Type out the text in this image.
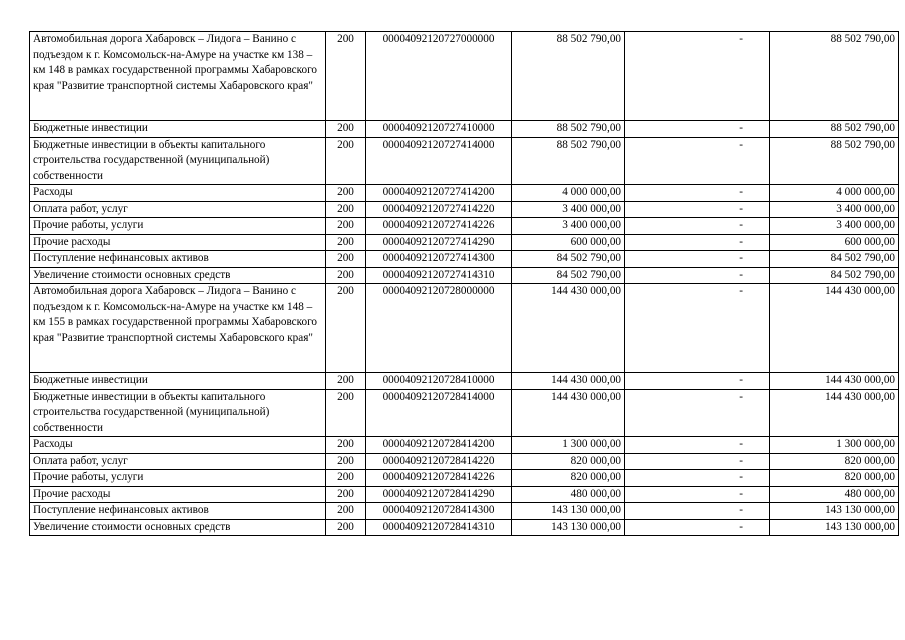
Автомобильная дорога Хабаровск – Лидога – Ванино с подъездом к г. Комсомольск-на-Амуре на участке км 138 – км 148 в рамках государственной программы Хабаровского края "Развитие транспортной системы Хабаровского края"	200	00004092120727000000	88 502 790,00	-	88 502 790,00
Бюджетные инвестиции	200	00004092120727410000	88 502 790,00	-	88 502 790,00
Бюджетные инвестиции в объекты капитального строительства государственной (муниципальной) собственности	200	00004092120727414000	88 502 790,00	-	88 502 790,00
Расходы	200	00004092120727414200	4 000 000,00	-	4 000 000,00
Оплата работ, услуг	200	00004092120727414220	3 400 000,00	-	3 400 000,00
Прочие работы, услуги	200	00004092120727414226	3 400 000,00	-	3 400 000,00
Прочие расходы	200	00004092120727414290	600 000,00	-	600 000,00
Поступление нефинансовых активов	200	00004092120727414300	84 502 790,00	-	84 502 790,00
Увеличение стоимости основных средств	200	00004092120727414310	84 502 790,00	-	84 502 790,00
Автомобильная дорога Хабаровск – Лидога – Ванино с подъездом к г. Комсомольск-на-Амуре на участке км 148 – км 155 в рамках государственной программы Хабаровского края "Развитие транспортной системы Хабаровского края"	200	00004092120728000000	144 430 000,00	-	144 430 000,00
Бюджетные инвестиции	200	00004092120728410000	144 430 000,00	-	144 430 000,00
Бюджетные инвестиции в объекты капитального строительства государственной (муниципальной) собственности	200	00004092120728414000	144 430 000,00	-	144 430 000,00
Расходы	200	00004092120728414200	1 300 000,00	-	1 300 000,00
Оплата работ, услуг	200	00004092120728414220	820 000,00	-	820 000,00
Прочие работы, услуги	200	00004092120728414226	820 000,00	-	820 000,00
Прочие расходы	200	00004092120728414290	480 000,00	-	480 000,00
Поступление нефинансовых активов	200	00004092120728414300	143 130 000,00	-	143 130 000,00
Увеличение стоимости основных средств	200	00004092120728414310	143 130 000,00	-	143 130 000,00
